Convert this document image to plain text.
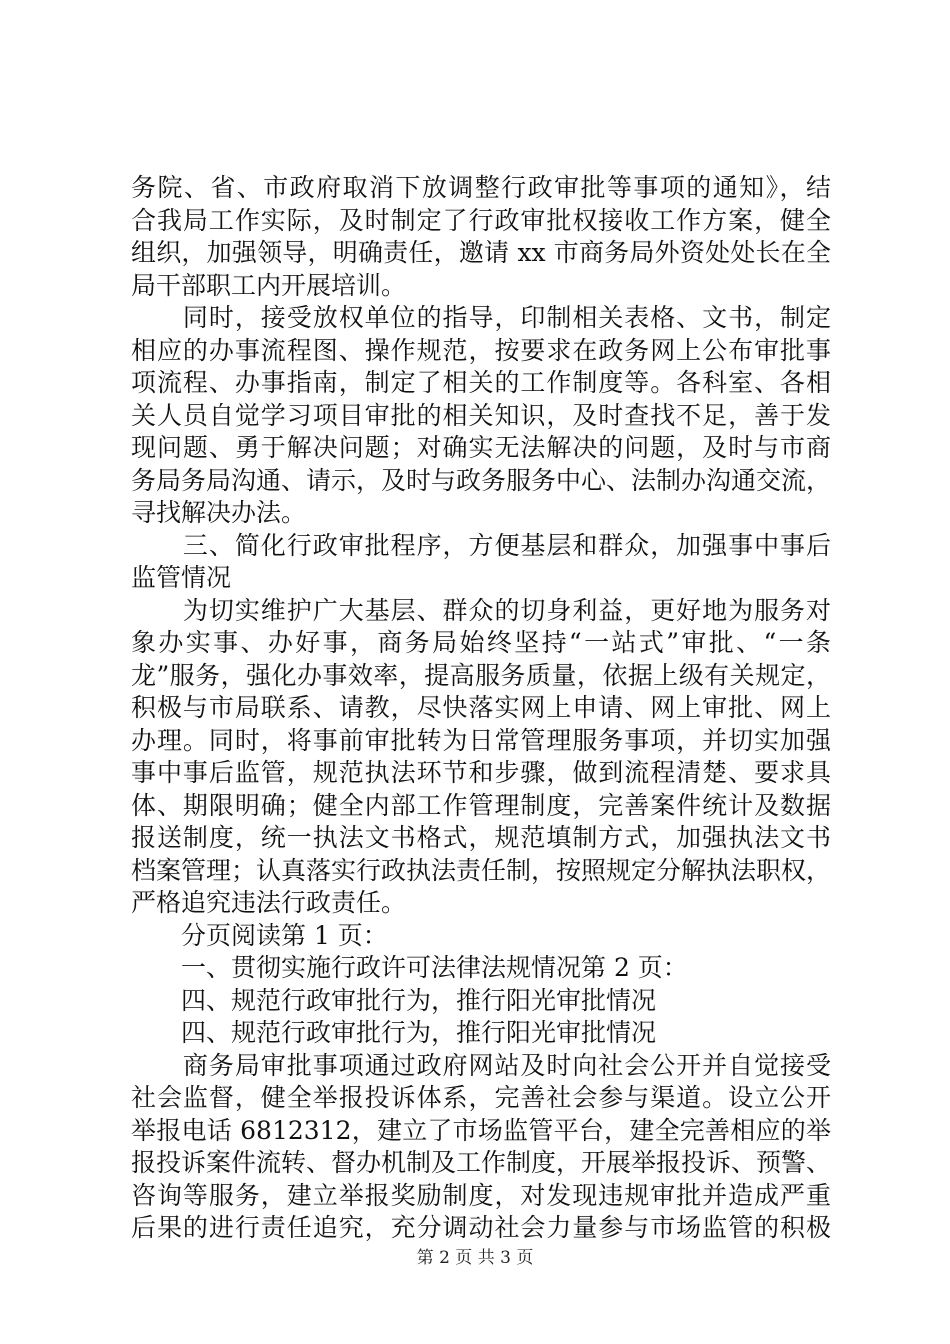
务院、省、市政府取消下放调整行政审批等事项的通知》，结
合我局工作实际，及时制定了行政审批权接收工作方案，健全
组织，加强领导，明确责任，邀请 xx 市商务局外资处处长在全
局干部职工内开展培训。
　　同时，接受放权单位的指导，印制相关表格、文书，制定
相应的办事流程图、操作规范，按要求在政务网上公布审批事
项流程、办事指南，制定了相关的工作制度等。各科室、各相
关人员自觉学习项目审批的相关知识，及时查找不足，善于发
现问题、勇于解决问题；对确实无法解决的问题，及时与市商
务局务局沟通、请示，及时与政务服务中心、法制办沟通交流，
寻找解决办法。
　　三、简化行政审批程序，方便基层和群众，加强事中事后
监管情况
　　为切实维护广大基层、群众的切身利益，更好地为服务对
象办实事、办好事，商务局始终坚持“一站式”审批、“一条
龙”服务，强化办事效率，提高服务质量，依据上级有关规定，
积极与市局联系、请教，尽快落实网上申请、网上审批、网上
办理。同时，将事前审批转为日常管理服务事项，并切实加强
事中事后监管，规范执法环节和步骤，做到流程清楚、要求具
体、期限明确；健全内部工作管理制度，完善案件统计及数据
报送制度，统一执法文书格式，规范填制方式，加强执法文书
档案管理；认真落实行政执法责任制，按照规定分解执法职权，
严格追究违法行政责任。
　　分页阅读第 1 页：
　　一、贯彻实施行政许可法律法规情况第 2 页：
　　四、规范行政审批行为，推行阳光审批情况
　　四、规范行政审批行为，推行阳光审批情况
　　商务局审批事项通过政府网站及时向社会公开并自觉接受
社会监督，健全举报投诉体系，完善社会参与渠道。设立公开
举报电话 6812312，建立了市场监管平台，建全完善相应的举
报投诉案件流转、督办机制及工作制度，开展举报投诉、预警、
咨询等服务，建立举报奖励制度，对发现违规审批并造成严重
后果的进行责任追究，充分调动社会力量参与市场监管的积极
第 2 页 共 3 页
